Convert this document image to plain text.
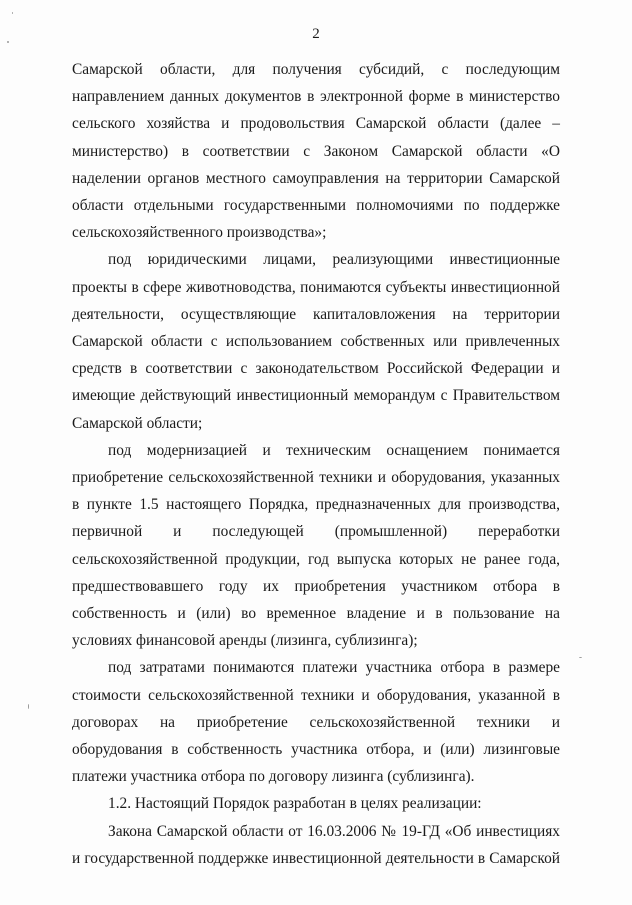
2

Самарской области, для получения субсидий, с последующим направлением данных документов в электронной форме в министерство сельского хозяйства и продовольствия Самарской области (далее – министерство) в соответствии с Законом Самарской области «О наделении органов местного самоуправления на территории Самарской области отдельными государственными полномочиями по поддержке сельскохозяйственного производства»;

под юридическими лицами, реализующими инвестиционные проекты в сфере животноводства, понимаются субъекты инвестиционной деятельности, осуществляющие капиталовложения на территории Самарской области с использованием собственных или привлеченных средств в соответствии с законодательством Российской Федерации и имеющие действующий инвестиционный меморандум с Правительством Самарской области;

под модернизацией и техническим оснащением понимается приобретение сельскохозяйственной техники и оборудования, указанных в пункте 1.5 настоящего Порядка, предназначенных для производства, первичной и последующей (промышленной) переработки сельскохозяйственной продукции, год выпуска которых не ранее года, предшествовавшего году их приобретения участником отбора в собственность и (или) во временное владение и в пользование на условиях финансовой аренды (лизинга, сублизинга);

под затратами понимаются платежи участника отбора в размере стоимости сельскохозяйственной техники и оборудования, указанной в договорах на приобретение сельскохозяйственной техники и оборудования в собственность участника отбора, и (или) лизинговые платежи участника отбора по договору лизинга (сублизинга).

1.2. Настоящий Порядок разработан в целях реализации:

Закона Самарской области от 16.03.2006 № 19-ГД «Об инвестициях и государственной поддержке инвестиционной деятельности в Самарской
